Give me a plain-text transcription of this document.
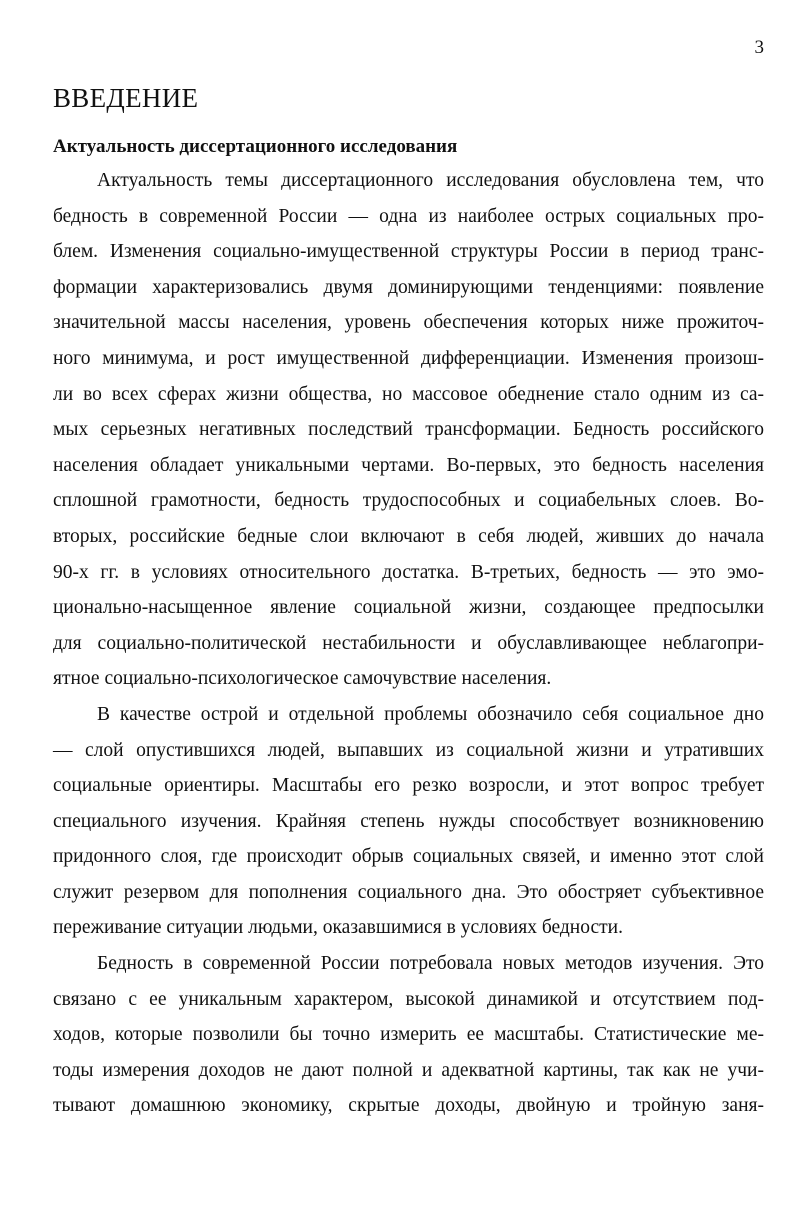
3
ВВЕДЕНИЕ
Актуальность диссертационного исследования
Актуальность темы диссертационного исследования обусловлена тем, что
бедность в современной России — одна из наиболее острых социальных про-
блем. Изменения социально-имущественной структуры России в период транс-
формации характеризовались двумя доминирующими тенденциями: появление
значительной массы населения, уровень обеспечения которых ниже прожиточ-
ного минимума, и рост имущественной дифференциации. Изменения произош-
ли во всех сферах жизни общества, но массовое обеднение стало одним из са-
мых серьезных негативных последствий трансформации. Бедность российского
населения обладает уникальными чертами. Во-первых, это бедность населения
сплошной грамотности, бедность трудоспособных и социабельных слоев. Во-
вторых, российские бедные слои включают в себя людей, живших до начала
90-х гг. в условиях относительного достатка. В-третьих, бедность — это эмо-
ционально-насыщенное явление социальной жизни, создающее предпосылки
для социально-политической нестабильности и обуславливающее неблагопри-
ятное социально-психологическое самочувствие населения.
В качестве острой и отдельной проблемы обозначило себя социальное дно
— слой опустившихся людей, выпавших из социальной жизни и утративших
социальные ориентиры. Масштабы его резко возросли, и этот вопрос требует
специального изучения. Крайняя степень нужды способствует возникновению
придонного слоя, где происходит обрыв социальных связей, и именно этот слой
служит резервом для пополнения социального дна. Это обостряет субъективное
переживание ситуации людьми, оказавшимися в условиях бедности.
Бедность в современной России потребовала новых методов изучения. Это
связано с ее уникальным характером, высокой динамикой и отсутствием под-
ходов, которые позволили бы точно измерить ее масштабы. Статистические ме-
тоды измерения доходов не дают полной и адекватной картины, так как не учи-
тывают домашнюю экономику, скрытые доходы, двойную и тройную заня-
